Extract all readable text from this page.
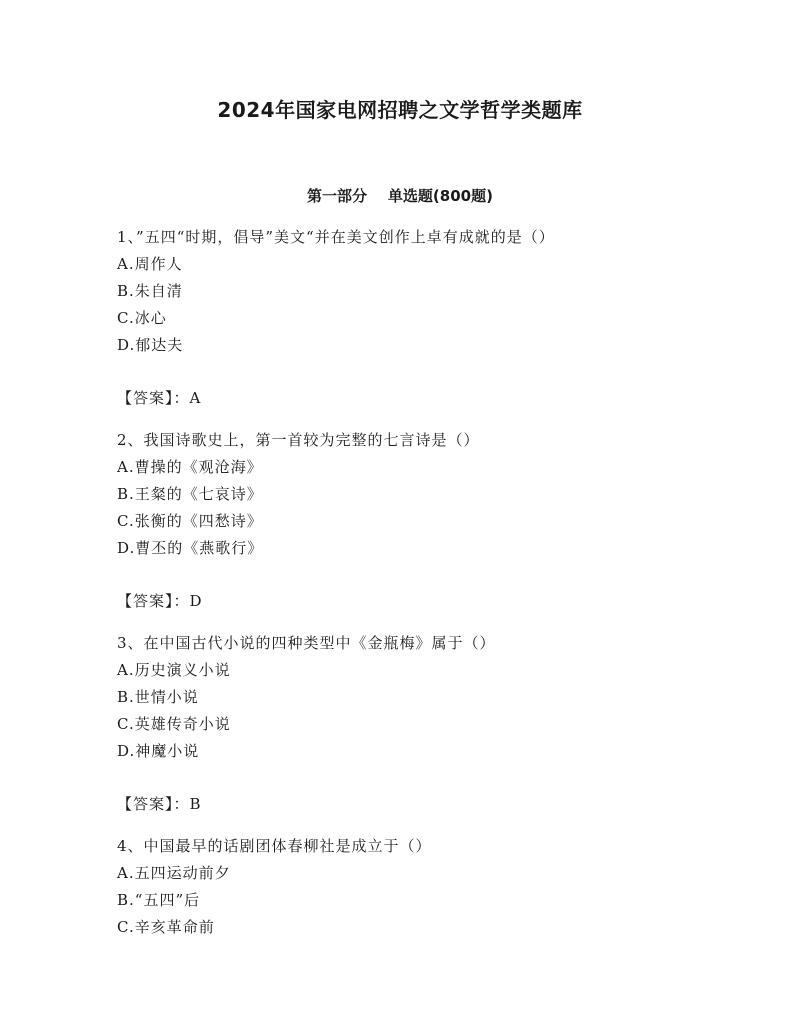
2024年国家电网招聘之文学哲学类题库
第一部分    单选题(800题)
1、”五四“时期，倡导”美文“并在美文创作上卓有成就的是（）
A.周作人
B.朱自清
C.冰心
D.郁达夫
【答案】：A
2、我国诗歌史上，第一首较为完整的七言诗是（）
A.曹操的《观沧海》
B.王粲的《七哀诗》
C.张衡的《四愁诗》
D.曹丕的《燕歌行》
【答案】：D
3、在中国古代小说的四种类型中《金瓶梅》属于（）
A.历史演义小说
B.世情小说
C.英雄传奇小说
D.神魔小说
【答案】：B
4、中国最早的话剧团体春柳社是成立于（）
A.五四运动前夕
B.“五四”后
C.辛亥革命前
